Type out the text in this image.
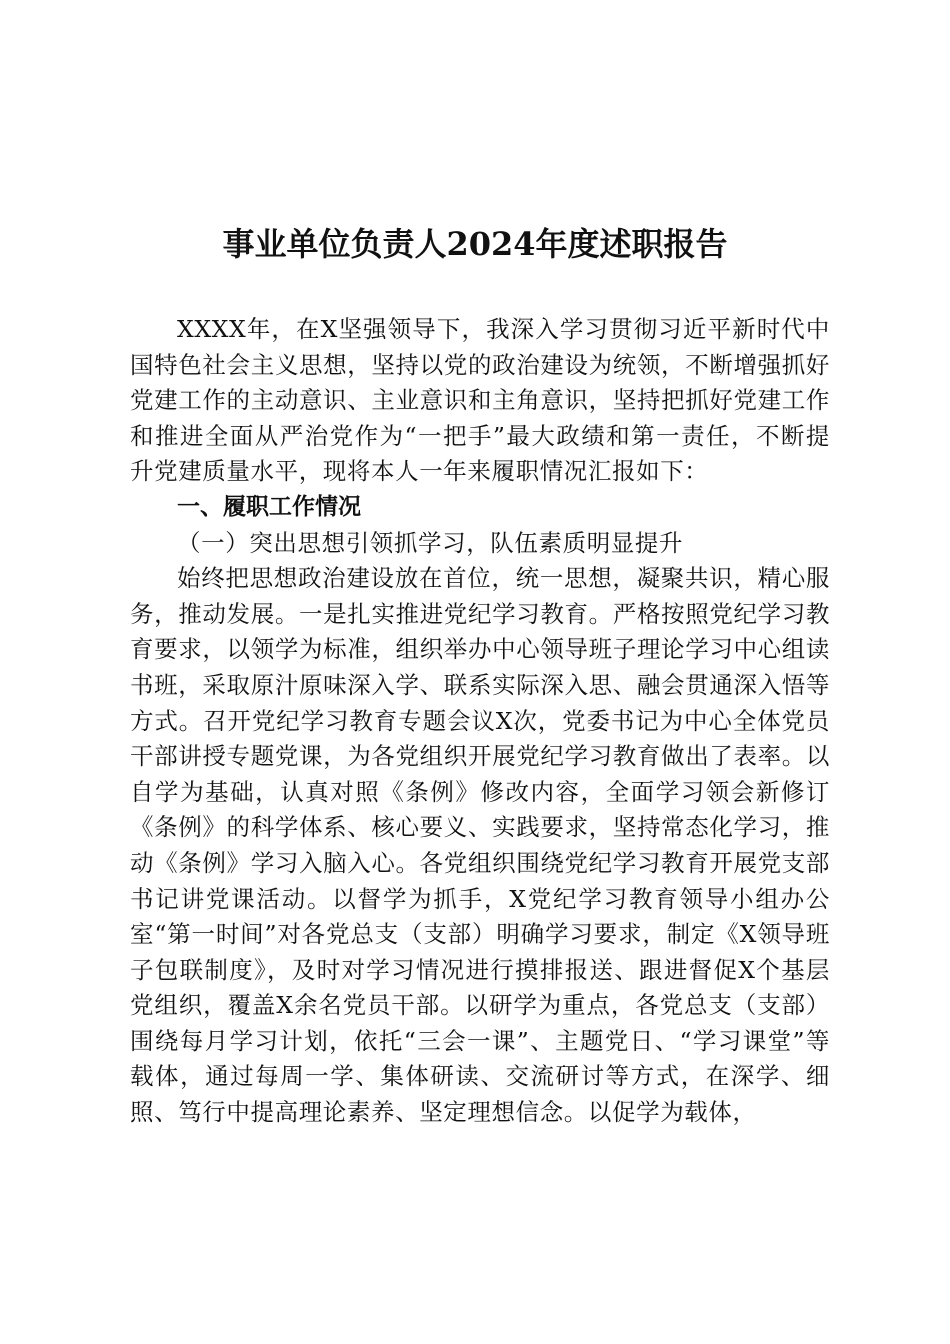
事业单位负责人2024年度述职报告

XXXX年，在X坚强领导下，我深入学习贯彻习近平新时代中国特色社会主义思想，坚持以党的政治建设为统领，不断增强抓好党建工作的主动意识、主业意识和主角意识，坚持把抓好党建工作和推进全面从严治党作为“一把手”最大政绩和第一责任，不断提升党建质量水平，现将本人一年来履职情况汇报如下：

一、履职工作情况

（一）突出思想引领抓学习，队伍素质明显提升

始终把思想政治建设放在首位，统一思想，凝聚共识，精心服务，推动发展。一是扎实推进党纪学习教育。严格按照党纪学习教育要求，以领学为标准，组织举办中心领导班子理论学习中心组读书班，采取原汁原味深入学、联系实际深入思、融会贯通深入悟等方式。召开党纪学习教育专题会议X次，党委书记为中心全体党员干部讲授专题党课，为各党组织开展党纪学习教育做出了表率。以自学为基础，认真对照《条例》修改内容，全面学习领会新修订《条例》的科学体系、核心要义、实践要求，坚持常态化学习，推动《条例》学习入脑入心。各党组织围绕党纪学习教育开展党支部书记讲党课活动。以督学为抓手，X党纪学习教育领导小组办公室“第一时间”对各党总支（支部）明确学习要求，制定《X领导班子包联制度》，及时对学习情况进行摸排报送、跟进督促X个基层党组织，覆盖X余名党员干部。以研学为重点，各党总支（支部）围绕每月学习计划，依托“三会一课”、主题党日、“学习课堂”等载体，通过每周一学、集体研读、交流研讨等方式，在深学、细照、笃行中提高理论素养、坚定理想信念。以促学为载体，
